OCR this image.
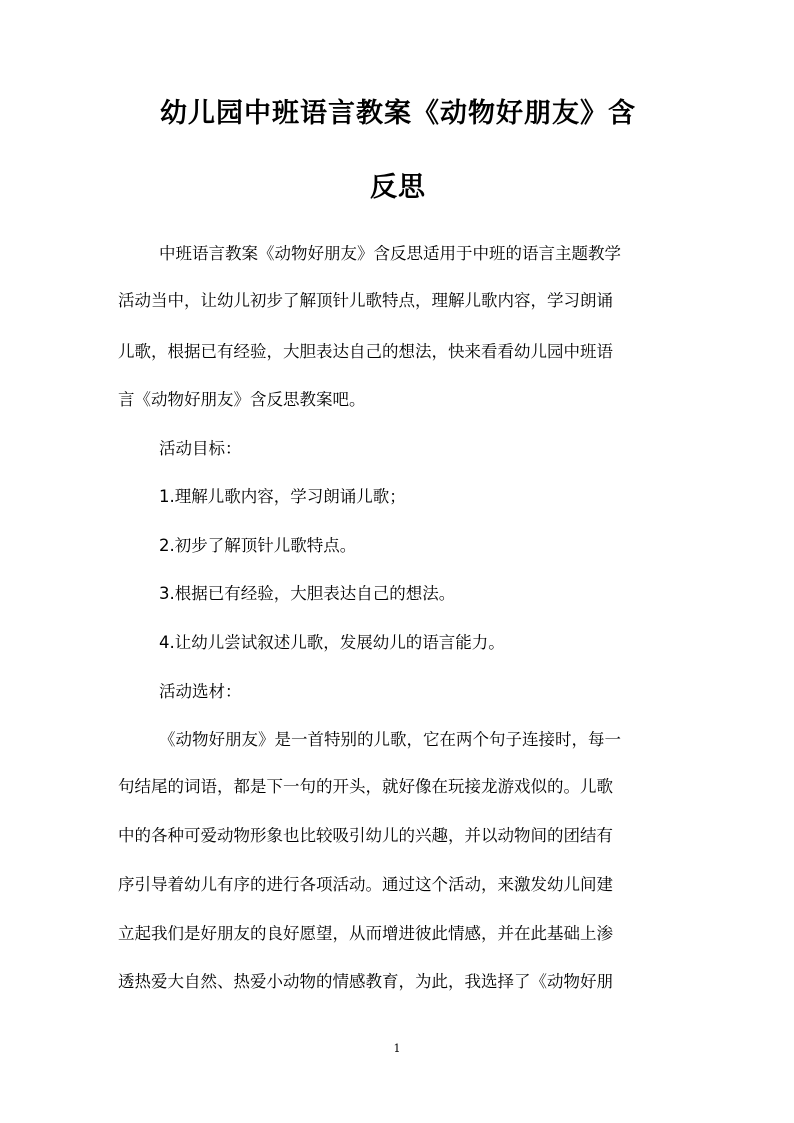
幼儿园中班语言教案《动物好朋友》含
反思
中班语言教案《动物好朋友》含反思适用于中班的语言主题教学
活动当中，让幼儿初步了解顶针儿歌特点，理解儿歌内容，学习朗诵
儿歌，根据已有经验，大胆表达自己的想法，快来看看幼儿园中班语
言《动物好朋友》含反思教案吧。
活动目标：
1.理解儿歌内容，学习朗诵儿歌；
2.初步了解顶针儿歌特点。
3.根据已有经验，大胆表达自己的想法。
4.让幼儿尝试叙述儿歌，发展幼儿的语言能力。
活动选材：
《动物好朋友》是一首特别的儿歌，它在两个句子连接时，每一
句结尾的词语，都是下一句的开头，就好像在玩接龙游戏似的。儿歌
中的各种可爱动物形象也比较吸引幼儿的兴趣，并以动物间的团结有
序引导着幼儿有序的进行各项活动。通过这个活动，来激发幼儿间建
立起我们是好朋友的良好愿望，从而增进彼此情感，并在此基础上渗
透热爱大自然、热爱小动物的情感教育，为此，我选择了《动物好朋
1
